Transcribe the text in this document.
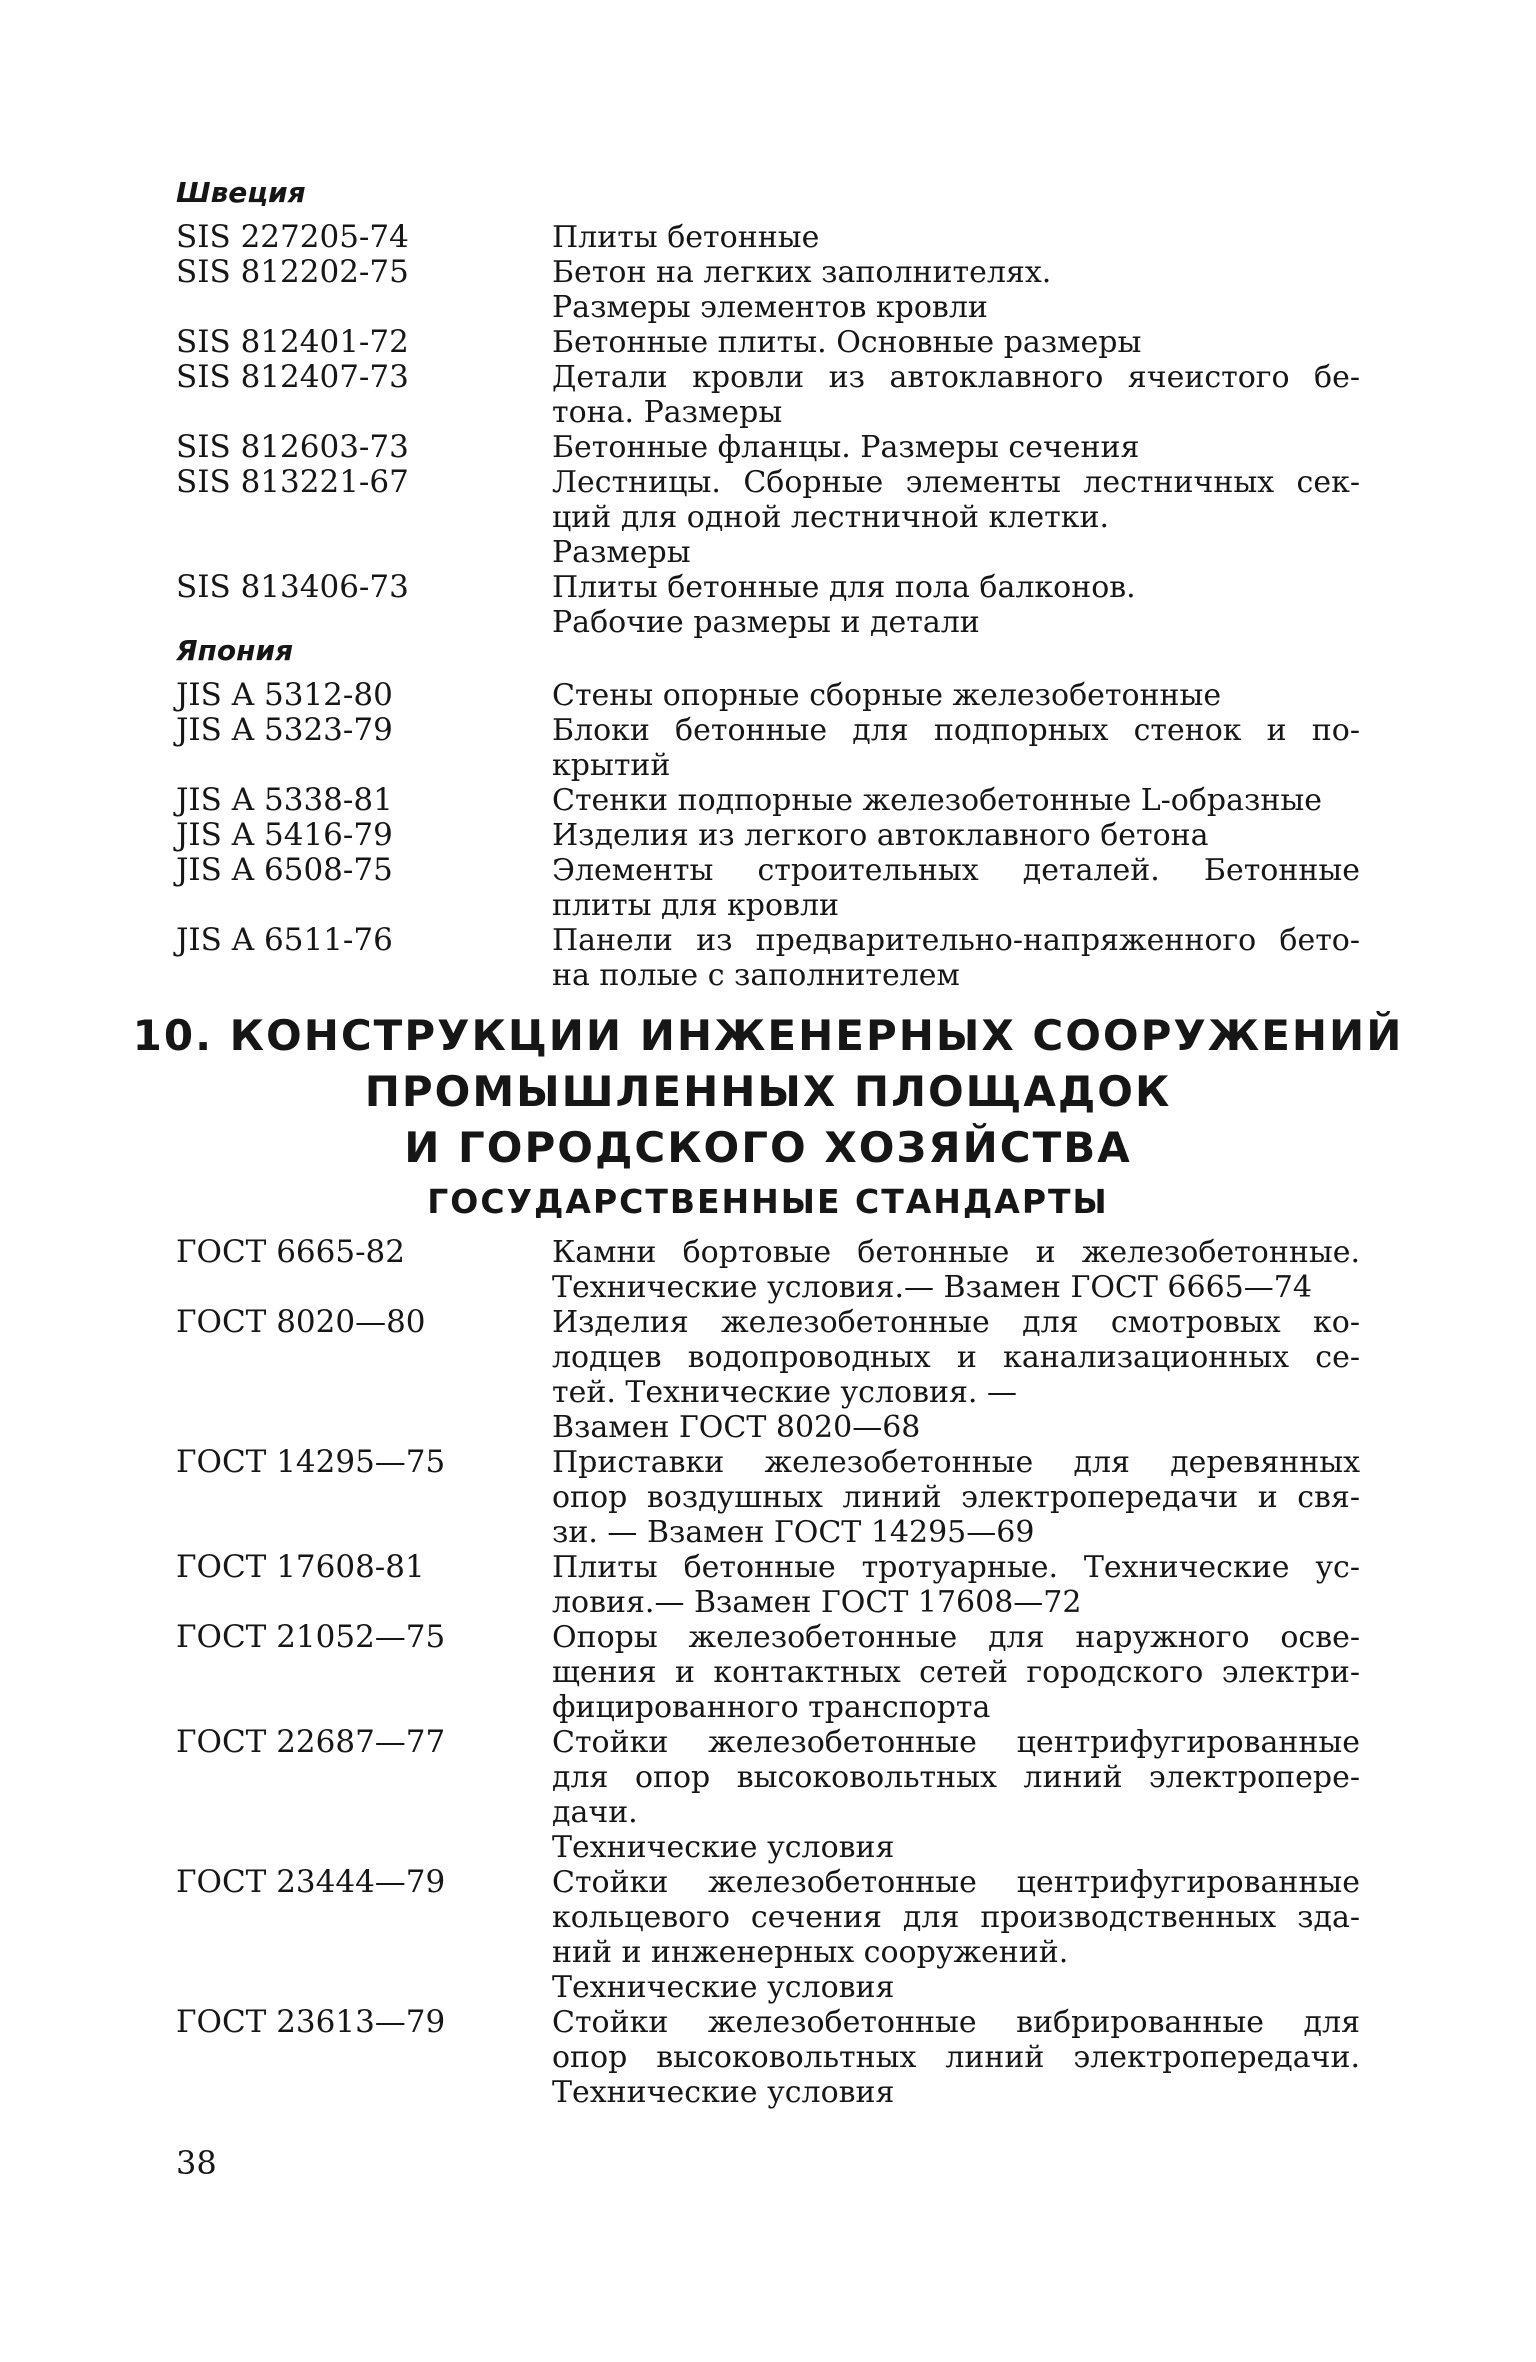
Швеция
SIS 227205-74	Плиты бетонные
SIS 812202-75	Бетон на легких заполнителях.
Размеры элементов кровли
SIS 812401-72	Бетонные плиты. Основные размеры
SIS 812407-73	Детали кровли из автоклавного ячеистого бе-
тона. Размеры
SIS 812603-73	Бетонные фланцы. Размеры сечения
SIS 813221-67	Лестницы. Сборные элементы лестничных сек-
ций для одной лестничной клетки.
Размеры
SIS 813406-73	Плиты бетонные для пола балконов.
Рабочие размеры и детали
Япония
JIS A 5312-80	Стены опорные сборные железобетонные
JIS A 5323-79	Блоки бетонные для подпорных стенок и по-
крытий
JIS A 5338-81	Стенки подпорные железобетонные L-образные
JIS A 5416-79	Изделия из легкого автоклавного бетона
JIS A 6508-75	Элементы строительных деталей. Бетонные
плиты для кровли
JIS A 6511-76	Панели из предварительно-напряженного бето-
на полые с заполнителем
10. КОНСТРУКЦИИ ИНЖЕНЕРНЫХ СООРУЖЕНИЙ
ПРОМЫШЛЕННЫХ ПЛОЩАДОК
И ГОРОДСКОГО ХОЗЯЙСТВА
ГОСУДАРСТВЕННЫЕ СТАНДАРТЫ
ГОСТ 6665-82	Камни бортовые бетонные и железобетонные.
Технические условия.— Взамен ГОСТ 6665—74
ГОСТ 8020—80	Изделия железобетонные для смотровых ко-
лодцев водопроводных и канализационных се-
тей. Технические условия. —
Взамен ГОСТ 8020—68
ГОСТ 14295—75	Приставки железобетонные для деревянных
опор воздушных линий электропередачи и свя-
зи. — Взамен ГОСТ 14295—69
ГОСТ 17608-81	Плиты бетонные тротуарные. Технические ус-
ловия.— Взамен ГОСТ 17608—72
ГОСТ 21052—75	Опоры железобетонные для наружного осве-
щения и контактных сетей городского электри-
фицированного транспорта
ГОСТ 22687—77	Стойки железобетонные центрифугированные
для опор высоковольтных линий электропере-
дачи.
Технические условия
ГОСТ 23444—79	Стойки железобетонные центрифугированные
кольцевого сечения для производственных зда-
ний и инженерных сооружений.
Технические условия
ГОСТ 23613—79	Стойки железобетонные вибрированные для
опор высоковольтных линий электропередачи.
Технические условия
38
